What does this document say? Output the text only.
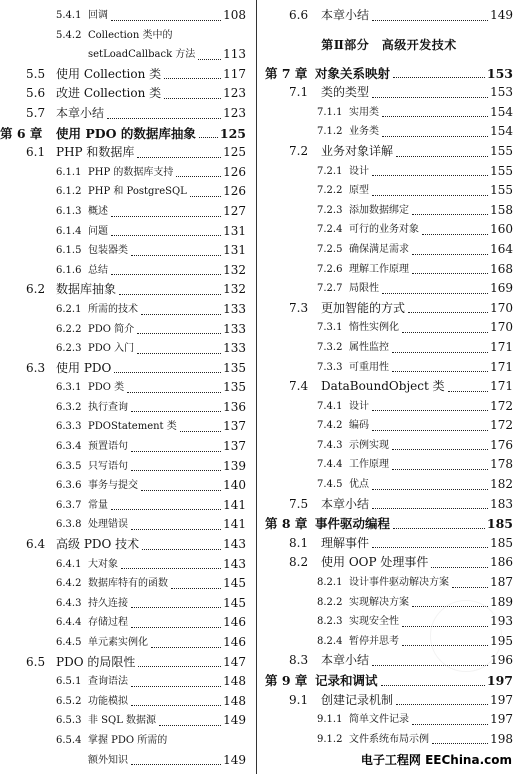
5.4.1 回调	108
5.4.2 Collection 类中的
setLoadCallback 方法 113
5.5 使用 Collection 类	117
5.6 改进 Collection 类	123
5.7 本章小结	123
第 6 章	使用 PDO 的数据库抽象 125
6.1 PHP 和数据库	125
6.1.1 PHP 的数据库支持	126
6.1.2 PHP 和 PostgreSQL	126
6.1.3 概述	127
6.1.4 问题	131
6.1.5 包装器类	131
6.1.6 总结	132
6.2 数据库抽象	132
6.2.1 所需的技术	133
6.2.2 PDO 简介	133
6.2.3 PDO 入门	133
6.3 使用 PDO	135
6.3.1 PDO 类	135
6.3.2 执行查询	136
6.3.3 PDOStatement 类	137
6.3.4 预置语句	137
6.3.5 只写语句	139
6.3.6 事务与提交	140
6.3.7 常量	141
6.3.8 处理错误	141
6.4 高级 PDO 技术	143
6.4.1 大对象	143
6.4.2 数据库特有的函数	145
6.4.3 持久连接	145
6.4.4 存储过程	146
6.4.5 单元素实例化	146
6.5 PDO 的局限性	147
6.5.1 查询语法	148
6.5.2 功能模拟	148
6.5.3 非 SQL 数据源	149
6.5.4 掌握 PDO 所需的
额外知识	149
6.6	本章小结	149
第Ⅱ部分　高级开发技术
第 7 章 对象关系映射	153
7.1	类的类型	153
7.1.1 实用类	154
7.1.2 业务类	154
7.2	业务对象详解	155
7.2.1 设计	155
7.2.2 原型	155
7.2.3 添加数据绑定	158
7.2.4 可行的业务对象	160
7.2.5 确保满足需求	164
7.2.6 理解工作原理	168
7.2.7 局限性	169
7.3	更加智能的方式	170
7.3.1 惰性实例化	170
7.3.2 属性监控	171
7.3.3 可重用性	171
7.4	DataBoundObject 类	171
7.4.1 设计	172
7.4.2 编码	172
7.4.3 示例实现	176
7.4.4 工作原理	178
7.4.5 优点	182
7.5	本章小结	183
第 8 章 事件驱动编程	185
8.1	理解事件	185
8.2	使用 OOP 处理事件	186
8.2.1 设计事件驱动解决方案	187
8.2.2 实现解决方案	189
8.2.3 实现安全性	193
8.2.4 暂停并思考	195
8.3	本章小结	196
第 9 章 记录和调试	197
9.1	创建记录机制	197
9.1.1 简单文件记录	197
9.1.2 文件系统布局示例	198
电子工程网 EEChina.com
